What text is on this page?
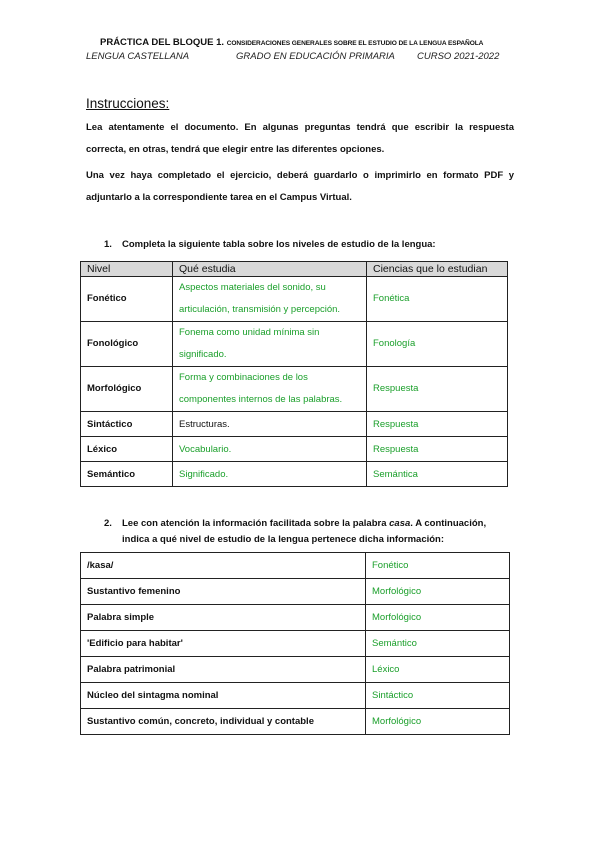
PRÁCTICA DEL BLOQUE 1. CONSIDERACIONES GENERALES SOBRE EL ESTUDIO DE LA LENGUA ESPAÑOLA
LENGUA CASTELLANA	GRADO EN EDUCACIÓN PRIMARIA CURSO 2021-2022
Instrucciones:
Lea atentamente el documento. En algunas preguntas tendrá que escribir la respuesta correcta, en otras, tendrá que elegir entre las diferentes opciones.
Una vez haya completado el ejercicio, deberá guardarlo o imprimirlo en formato PDF y adjuntarlo a la correspondiente tarea en el Campus Virtual.
1.	Completa la siguiente tabla sobre los niveles de estudio de la lengua:
Nivel	Qué estudia	Ciencias que lo estudian
Fonético	Aspectos materiales del sonido, su articulación, transmisión y percepción.	Fonética
Fonológico	Fonema como unidad mínima sin significado.	Fonología
Morfológico	Forma y combinaciones de los componentes internos de las palabras.	Respuesta
Sintáctico	Estructuras.	Respuesta
Léxico	Vocabulario.	Respuesta
Semántico	Significado.	Semántica
2.	Lee con atención la información facilitada sobre la palabra casa. A continuación, indica a qué nivel de estudio de la lengua pertenece dicha información:
/kasa/	Fonético
Sustantivo femenino	Morfológico
Palabra simple	Morfológico
'Edificio para habitar'	Semántico
Palabra patrimonial	Léxico
Núcleo del sintagma nominal	Sintáctico
Sustantivo común, concreto, individual y contable	Morfológico
